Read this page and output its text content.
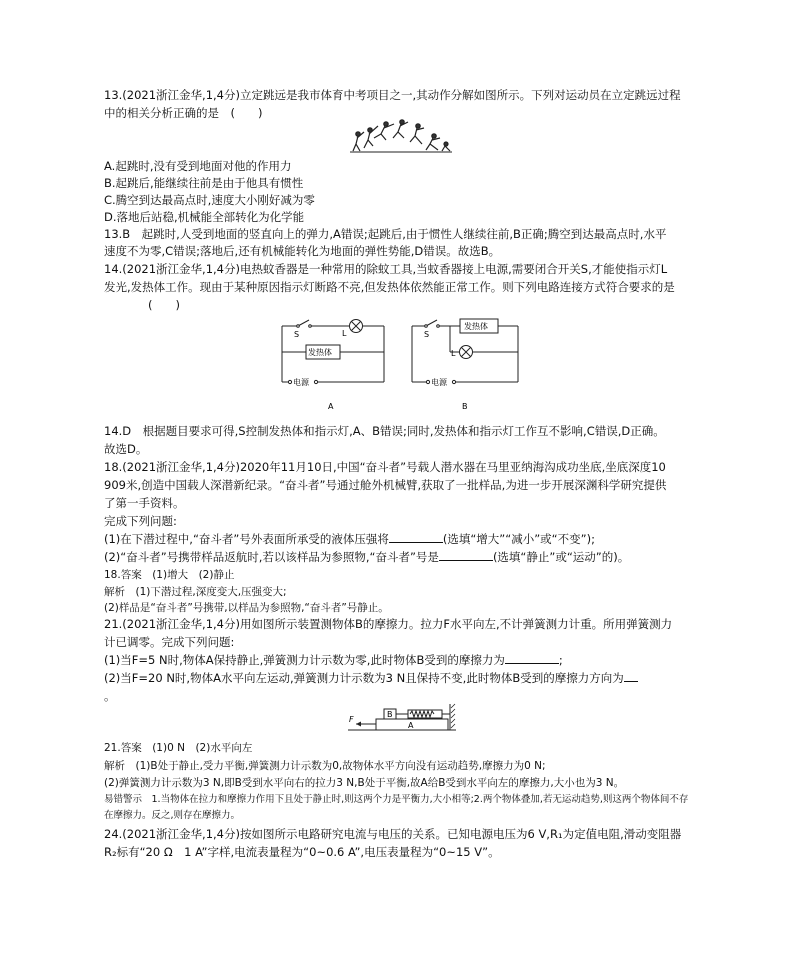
13.(2021浙江金华,1,4分)立定跳远是我市体育中考项目之一,其动作分解如图所示。下列对运动员在立定跳远过程
中的相关分析正确的是　(　　)
A.起跳时,没有受到地面对他的作用力
B.起跳后,能继续往前是由于他具有惯性
C.腾空到达最高点时,速度大小刚好减为零
D.落地后站稳,机械能全部转化为化学能
13.B　起跳时,人受到地面的竖直向上的弹力,A错误;起跳后,由于惯性人继续往前,B正确;腾空到达最高点时,水平
速度不为零,C错误;落地后,还有机械能转化为地面的弹性势能,D错误。故选B。
14.(2021浙江金华,1,4分)电热蚊香器是一种常用的除蚊工具,当蚊香器接上电源,需要闭合开关S,才能使指示灯L
发光,发热体工作。现由于某种原因指示灯断路不亮,但发热体依然能正常工作。则下列电路连接方式符合要求的是
(　　)
S	L
发热体
电源
A
S
发热体
L
电源
B
14.D　根据题目要求可得,S控制发热体和指示灯,A、B错误;同时,发热体和指示灯工作互不影响,C错误,D正确。
故选D。
18.(2021浙江金华,1,4分)2020年11月10日,中国“奋斗者”号载人潜水器在马里亚纳海沟成功坐底,坐底深度10
909米,创造中国载人深潜新纪录。“奋斗者”号通过舱外机械臂,获取了一批样品,为进一步开展深渊科学研究提供
了第一手资料。
完成下列问题:
(1)在下潜过程中,“奋斗者”号外表面所承受的液体压强将	(选填“增大”“减小”或“不变”);
(2)“奋斗者”号携带样品返航时,若以该样品为参照物,“奋斗者”号是	(选填“静止”或“运动”的)。
18.答案　(1)增大　(2)静止
解析　(1)下潜过程,深度变大,压强变大;
(2)样品是“奋斗者”号携带,以样品为参照物,“奋斗者”号静止。
21.(2021浙江金华,1,4分)用如图所示装置测物体B的摩擦力。拉力F水平向左,不计弹簧测力计重。所用弹簧测力
计已调零。完成下列问题:
(1)当F=5 N时,物体A保持静止,弹簧测力计示数为零,此时物体B受到的摩擦力为	;
(2)当F=20 N时,物体A水平向左运动,弹簧测力计示数为3 N且保持不变,此时物体B受到的摩擦力方向为
。
F
B
A
21.答案　(1)0 N　(2)水平向左
解析　(1)B处于静止,受力平衡,弹簧测力计示数为0,故物体水平方向没有运动趋势,摩擦力为0 N;
(2)弹簧测力计示数为3 N,即B受到水平向右的拉力3 N,B处于平衡,故A给B受到水平向左的摩擦力,大小也为3 N。
易错警示　1.当物体在拉力和摩擦力作用下且处于静止时,则这两个力是平衡力,大小相等;2.两个物体叠加,若无运动趋势,则这两个物体间不存
在摩擦力。反之,则存在摩擦力。
24.(2021浙江金华,1,4分)按如图所示电路研究电流与电压的关系。已知电源电压为6 V,R₁为定值电阻,滑动变阻器
R₂标有“20 Ω　1 A”字样,电流表量程为“0~0.6 A”,电压表量程为“0~15 V”。
